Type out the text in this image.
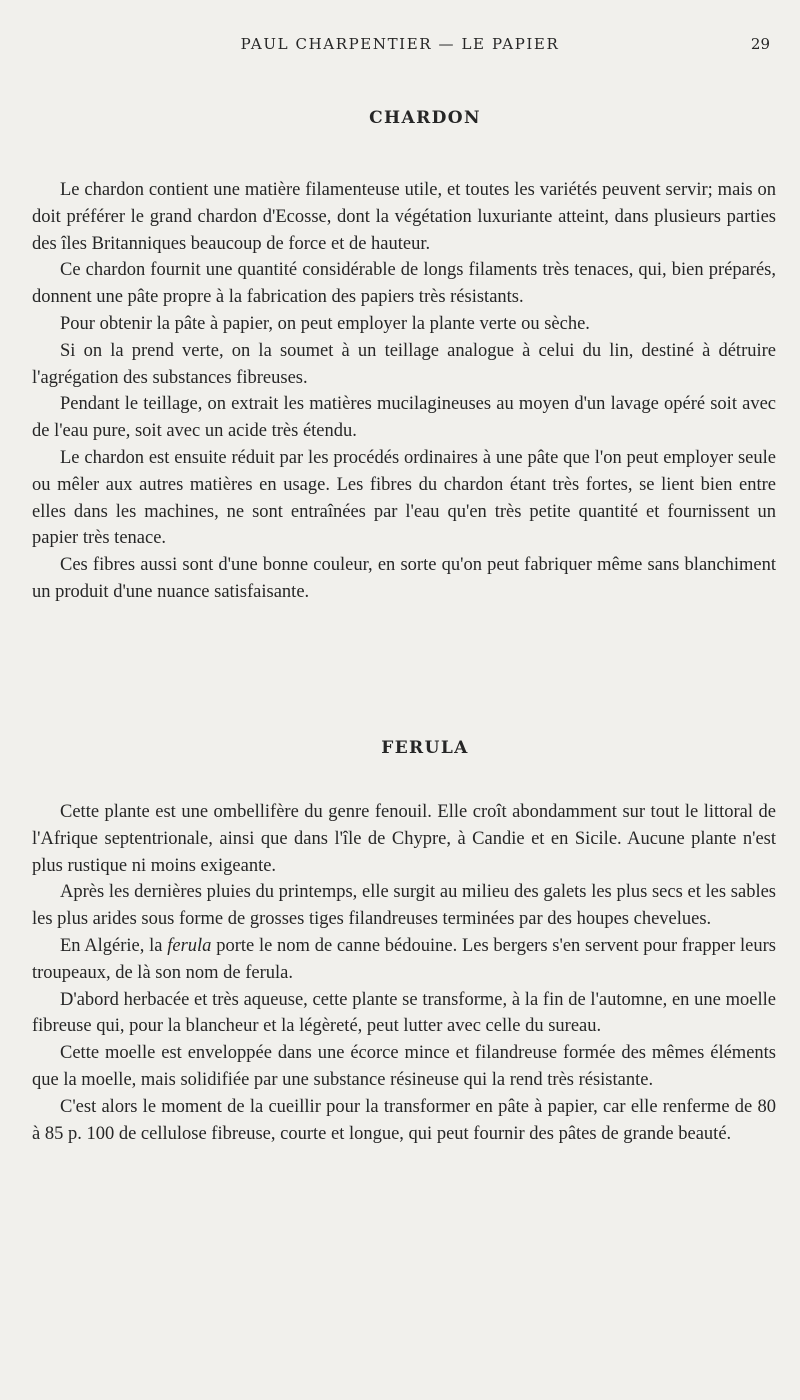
PAUL CHARPENTIER — LE PAPIER	29
CHARDON

Le chardon contient une matière filamenteuse utile, et toutes les variétés peuvent servir; mais on doit préférer le grand chardon d'Ecosse, dont la végétation luxuriante atteint, dans plusieurs parties des îles Britanniques beaucoup de force et de hauteur.

Ce chardon fournit une quantité considérable de longs filaments très tenaces, qui, bien préparés, donnent une pâte propre à la fabrication des papiers très résistants.

Pour obtenir la pâte à papier, on peut employer la plante verte ou sèche.

Si on la prend verte, on la soumet à un teillage analogue à celui du lin, destiné à détruire l'agrégation des substances fibreuses.

Pendant le teillage, on extrait les matières mucilagineuses au moyen d'un lavage opéré soit avec de l'eau pure, soit avec un acide très étendu.

Le chardon est ensuite réduit par les procédés ordinaires à une pâte que l'on peut employer seule ou mêler aux autres matières en usage. Les fibres du chardon étant très fortes, se lient bien entre elles dans les machines, ne sont entraînées par l'eau qu'en très petite quantité et fournissent un papier très tenace.

Ces fibres aussi sont d'une bonne couleur, en sorte qu'on peut fabriquer même sans blanchiment un produit d'une nuance satisfaisante.

FERULA

Cette plante est une ombellifère du genre fenouil. Elle croît abondamment sur tout le littoral de l'Afrique septentrionale, ainsi que dans l'île de Chypre, à Candie et en Sicile. Aucune plante n'est plus rustique ni moins exigeante.

Après les dernières pluies du printemps, elle surgit au milieu des galets les plus secs et les sables les plus arides sous forme de grosses tiges filandreuses terminées par des houpes chevelues.

En Algérie, la ferula porte le nom de canne bédouine. Les bergers s'en servent pour frapper leurs troupeaux, de là son nom de ferula.

D'abord herbacée et très aqueuse, cette plante se transforme, à la fin de l'automne, en une moelle fibreuse qui, pour la blancheur et la légèreté, peut lutter avec celle du sureau.

Cette moelle est enveloppée dans une écorce mince et filandreuse formée des mêmes éléments que la moelle, mais solidifiée par une substance résineuse qui la rend très résistante.

C'est alors le moment de la cueillir pour la transformer en pâte à papier, car elle renferme de 80 à 85 p. 100 de cellulose fibreuse, courte et longue, qui peut fournir des pâtes de grande beauté.
